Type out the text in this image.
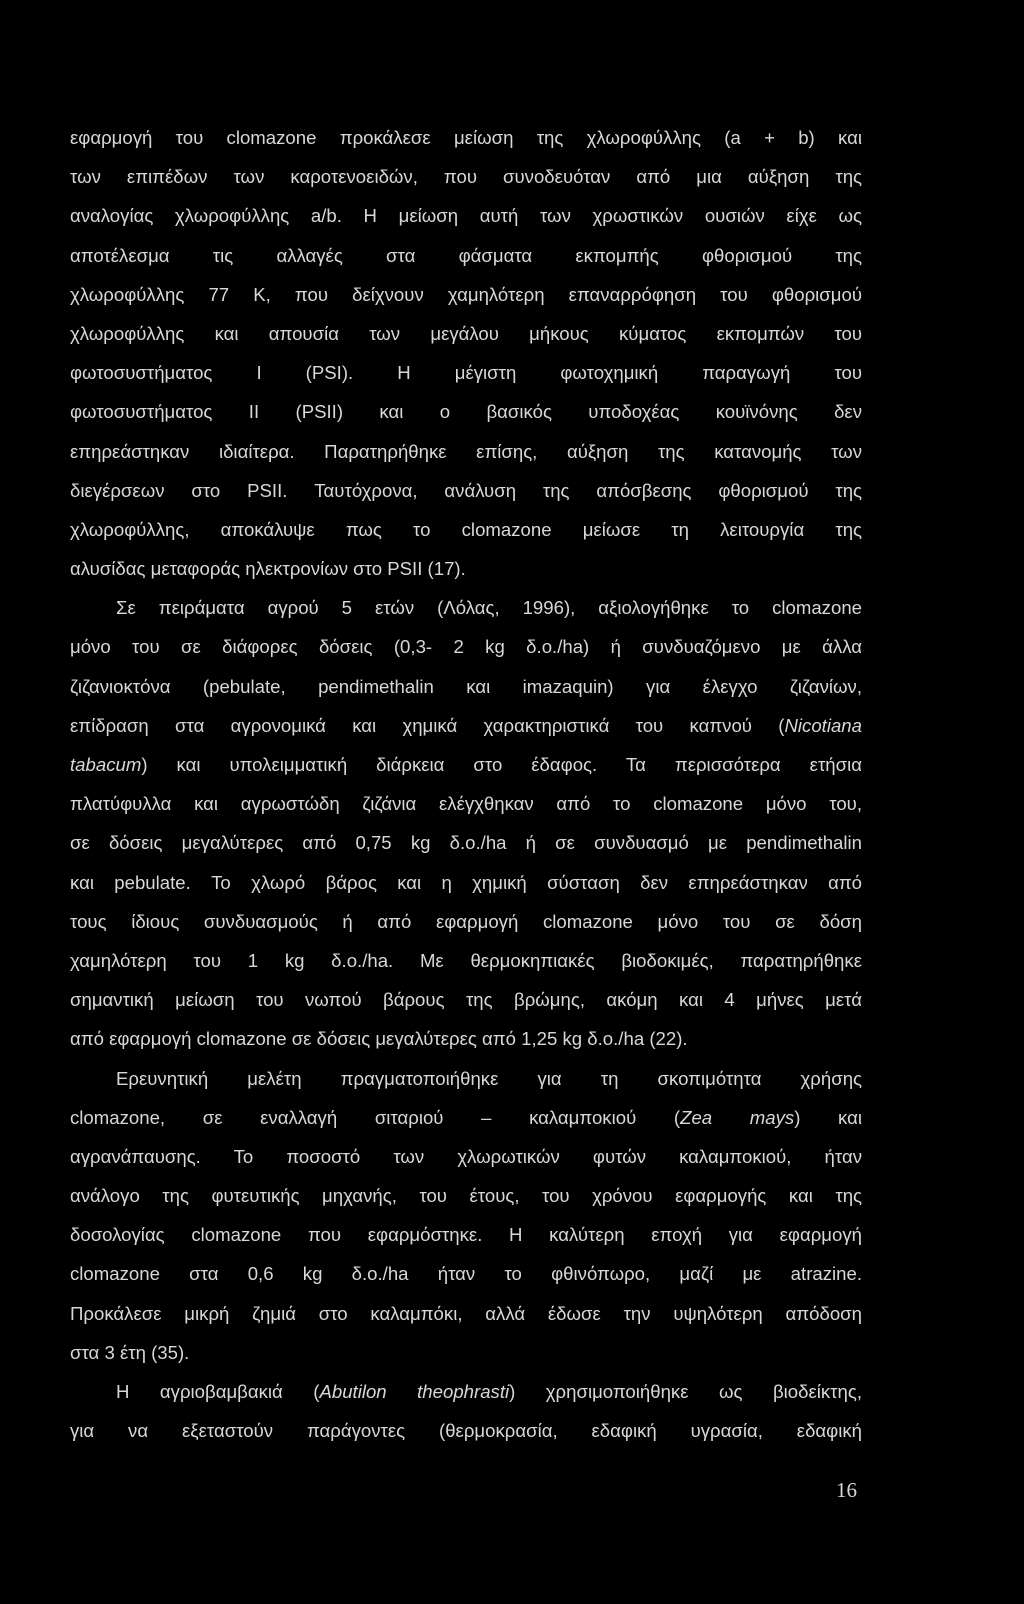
εφαρμογή του clomazone προκάλεσε μείωση της χλωροφύλλης (a + b) και
των επιπέδων των καροτενοειδών, που συνοδευόταν από μια αύξηση της
αναλογίας χλωροφύλλης a/b. Η μείωση αυτή των χρωστικών ουσιών είχε ως
αποτέλεσμα τις αλλαγές στα φάσματα εκπομπής φθορισμού της
χλωροφύλλης 77 K, που δείχνουν χαμηλότερη επαναρρόφηση του φθορισμού
χλωροφύλλης και απουσία των μεγάλου μήκους κύματος εκπομπών του
φωτοσυστήματος I (PSI). Η μέγιστη φωτοχημική παραγωγή του
φωτοσυστήματος II (PSII) και ο βασικός υποδοχέας κουϊνόνης δεν
επηρεάστηκαν ιδιαίτερα. Παρατηρήθηκε επίσης, αύξηση της κατανομής των
διεγέρσεων στο PSII. Ταυτόχρονα, ανάλυση της απόσβεσης φθορισμού της
χλωροφύλλης, αποκάλυψε πως το clomazone μείωσε τη λειτουργία της
αλυσίδας μεταφοράς ηλεκτρονίων στο PSII (17).
Σε πειράματα αγρού 5 ετών (Λόλας, 1996), αξιολογήθηκε το clomazone
μόνο του σε διάφορες δόσεις (0,3- 2 kg δ.ο./ha) ή συνδυαζόμενο με άλλα
ζιζανιοκτόνα (pebulate, pendimethalin και imazaquin) για έλεγχο ζιζανίων,
επίδραση στα αγρονομικά και χημικά χαρακτηριστικά του καπνού (Nicotiana
tabacum) και υπολειμματική διάρκεια στο έδαφος. Τα περισσότερα ετήσια
πλατύφυλλα και αγρωστώδη ζιζάνια ελέγχθηκαν από το clomazone μόνο του,
σε δόσεις μεγαλύτερες από 0,75 kg δ.ο./ha ή σε συνδυασμό με pendimethalin
και pebulate. Το χλωρό βάρος και η χημική σύσταση δεν επηρεάστηκαν από
τους ίδιους συνδυασμούς ή από εφαρμογή clomazone μόνο του σε δόση
χαμηλότερη του 1 kg δ.ο./ha. Με θερμοκηπιακές βιοδοκιμές, παρατηρήθηκε
σημαντική μείωση του νωπού βάρους της βρώμης, ακόμη και 4 μήνες μετά
από εφαρμογή clomazone σε δόσεις μεγαλύτερες από 1,25 kg δ.ο./ha (22).
Ερευνητική μελέτη πραγματοποιήθηκε για τη σκοπιμότητα χρήσης
clomazone, σε εναλλαγή σιταριού – καλαμποκιού (Zea mays) και
αγρανάπαυσης. Το ποσοστό των χλωρωτικών φυτών καλαμποκιού, ήταν
ανάλογο της φυτευτικής μηχανής, του έτους, του χρόνου εφαρμογής και της
δοσολογίας clomazone που εφαρμόστηκε. Η καλύτερη εποχή για εφαρμογή
clomazone στα 0,6 kg δ.ο./ha ήταν το φθινόπωρο, μαζί με atrazine.
Προκάλεσε μικρή ζημιά στο καλαμπόκι, αλλά έδωσε την υψηλότερη απόδοση
στα 3 έτη (35).
Η αγριοβαμβακιά (Abutilon theophrasti) χρησιμοποιήθηκε ως βιοδείκτης,
για να εξεταστούν παράγοντες (θερμοκρασία, εδαφική υγρασία, εδαφική
16
